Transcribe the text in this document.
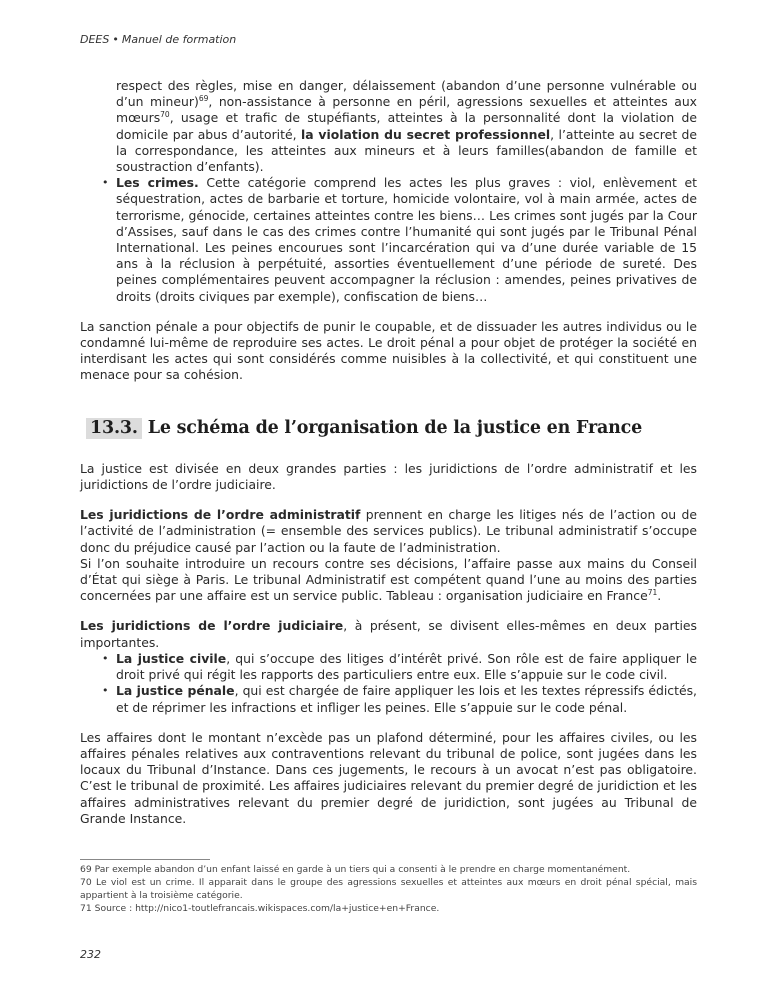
DEES • Manuel de formation

respect des règles, mise en danger, délaissement (abandon d’une personne vulnérable ou d’un mineur)$^{69}$, non-assistance à personne en péril, agressions sexuelles et atteintes aux mœurs$^{70}$, usage et trafic de stupéfiants, atteintes à la personnalité dont la violation de domicile par abus d’autorité, la violation du secret professionnel, l’atteinte au secret de la correspondance, les atteintes aux mineurs et à leurs familles(abandon de famille et soustraction d’enfants).

• Les crimes. Cette catégorie comprend les actes les plus graves : viol, enlèvement et séquestration, actes de barbarie et torture, homicide volontaire, vol à main armée, actes de terrorisme, génocide, certaines atteintes contre les biens… Les crimes sont jugés par la Cour d’Assises, sauf dans le cas des crimes contre l’humanité qui sont jugés par le Tribunal Pénal International. Les peines encourues sont l’incarcération qui va d’une durée variable de 15 ans à la réclusion à perpétuité, assorties éventuellement d’une période de sureté. Des peines complémentaires peuvent accompagner la réclusion : amendes, peines privatives de droits (droits civiques par exemple), confiscation de biens…

La sanction pénale a pour objectifs de punir le coupable, et de dissuader les autres individus ou le condamné lui-même de reproduire ses actes. Le droit pénal a pour objet de protéger la société en interdisant les actes qui sont considérés comme nuisibles à la collectivité, et qui constituent une menace pour sa cohésion.

13.3. Le schéma de l’organisation de la justice en France

La justice est divisée en deux grandes parties : les juridictions de l’ordre administratif et les juridictions de l’ordre judiciaire.

Les juridictions de l’ordre administratif prennent en charge les litiges nés de l’action ou de l’activité de l’administration (= ensemble des services publics). Le tribunal administratif s’occupe donc du préjudice causé par l’action ou la faute de l’administration.

Si l’on souhaite introduire un recours contre ses décisions, l’affaire passe aux mains du Conseil d’État qui siège à Paris. Le tribunal Administratif est compétent quand l’une au moins des parties concernées par une affaire est un service public. Tableau : organisation judiciaire en France$^{71}$.

Les juridictions de l’ordre judiciaire, à présent, se divisent elles-mêmes en deux parties importantes.

• La justice civile, qui s’occupe des litiges d’intérêt privé. Son rôle est de faire appliquer le droit privé qui régit les rapports des particuliers entre eux. Elle s’appuie sur le code civil.
• La justice pénale, qui est chargée de faire appliquer les lois et les textes répressifs édictés, et de réprimer les infractions et infliger les peines. Elle s’appuie sur le code pénal.

Les affaires dont le montant n’excède pas un plafond déterminé, pour les affaires civiles, ou les affaires pénales relatives aux contraventions relevant du tribunal de police, sont jugées dans les locaux du Tribunal d’Instance. Dans ces jugements, le recours à un avocat n’est pas obligatoire. C’est le tribunal de proximité. Les affaires judiciaires relevant du premier degré de juridiction et les affaires administratives relevant du premier degré de juridiction, sont jugées au Tribunal de Grande Instance.

69 Par exemple abandon d’un enfant laissé en garde à un tiers qui a consenti à le prendre en charge momentanément.
70 Le viol est un crime. Il apparait dans le groupe des agressions sexuelles et atteintes aux mœurs en droit pénal spécial, mais appartient à la troisième catégorie.
71 Source : http://nico1-toutlefrancais.wikispaces.com/la+justice+en+France.
232
